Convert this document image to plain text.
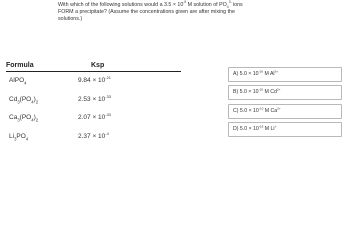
With which of the following solutions would a $3.5 \times 10^{-5}$ M solution of $PO_4^{3-}$ ions
FORM a precipitate? (Assume the concentrations given are after mixing the
solutions.)
Formula	Ksp
AlPO$_4$	$9.84 \times 10^{-21}$
$Cd_3(PO_4)_2$	$2.53 \times 10^{-33}$
$Ca_3(PO_4)_2$	$2.07 \times 10^{-33}$
$Li_3PO_4$	$2.37 \times 10^{-4}$
A) $5.0 \times 10^{-16}$ M $Al^{3+}$
B) $5.0 \times 10^{-10}$ M $Cd^{2+}$
C) $5.0 \times 10^{-10}$ M $Ca^{2+}$
D) $5.0 \times 10^{-16}$ M Li+
